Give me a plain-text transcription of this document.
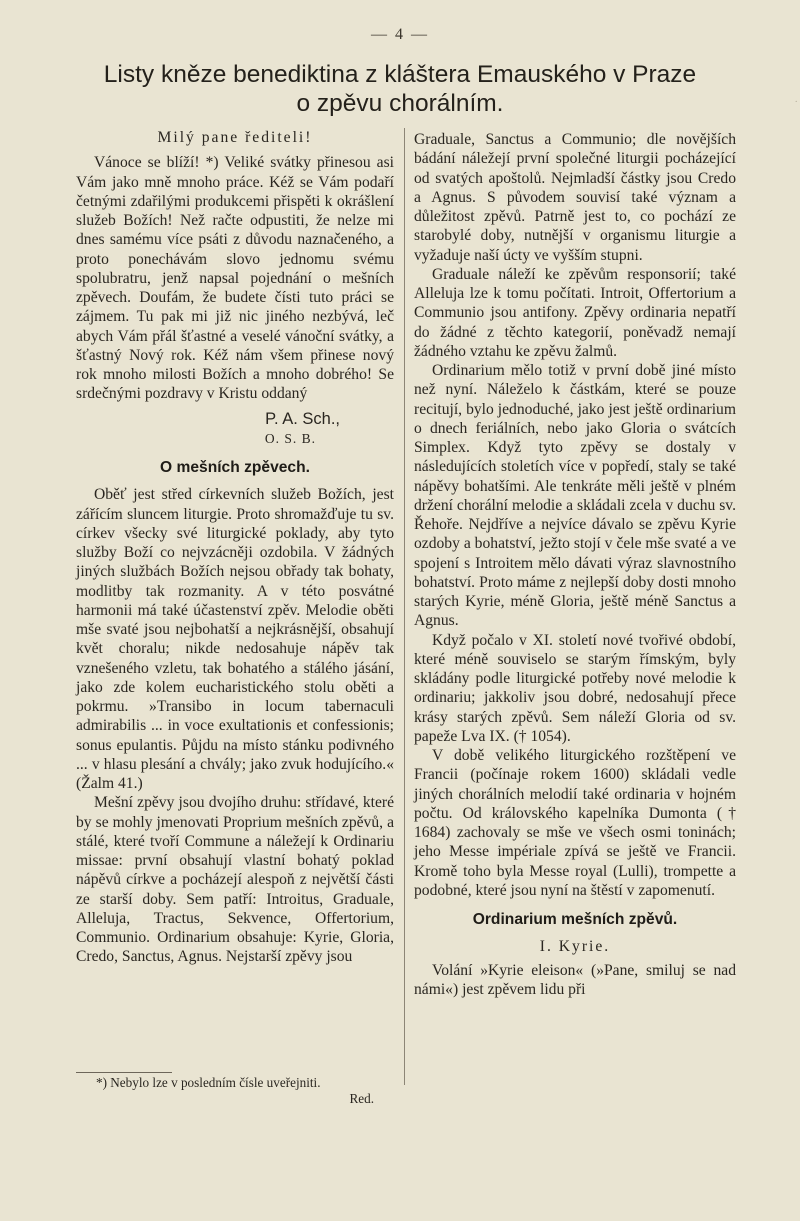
— 4 —
Listy kněze benediktina z kláštera Emauského v Praze
o zpěvu chorálním.	·

Milý pane řediteli!

Vánoce se blíží! *) Veliké svátky přinesou asi Vám jako mně mnoho práce. Kéž se Vám podaří četnými zdařilými produkcemi přispěti k okrášlení služeb Božích! Než račte odpustiti, že nelze mi dnes samému více psáti z důvodu naznačeného, a proto ponechávám slovo jednomu svému spolubratru, jenž napsal pojednání o mešních zpěvech. Doufám, že budete čísti tuto práci se zájmem. Tu pak mi již nic jiného nezbývá, leč abych Vám přál šťastné a veselé vánoční svátky, a šťastný Nový rok. Kéž nám všem přinese nový rok mnoho milosti Božích a mnoho dobrého! Se srdečnými pozdravy v Kristu oddaný

P. A. Sch.,

O. S. B.

O mešních zpěvech.

Oběť jest střed církevních služeb Božích, jest zářícím sluncem liturgie. Proto shromažďuje tu sv. církev všecky své liturgické poklady, aby tyto služby Boží co nejvzácněji ozdobila. V žádných jiných službách Božích nejsou obřady tak bohaty, modlitby tak rozmanity. A v této posvátné harmonii má také účastenství zpěv. Melodie oběti mše svaté jsou nejbohatší a nejkrásnější, obsahují květ choralu; nikde nedosahuje nápěv tak vznešeného vzletu, tak bohatého a stálého jásání, jako zde kolem eucharistického stolu oběti a pokrmu. »Transibo in locum tabernaculi admirabilis ... in voce exultationis et confessionis; sonus epulantis. Půjdu na místo stánku podivného ... v hlasu plesání a chvály; jako zvuk hodujícího.« (Žalm 41.)

Mešní zpěvy jsou dvojího druhu: střídavé, které by se mohly jmenovati Proprium mešních zpěvů, a stálé, které tvoří Commune a náležejí k Ordinariu missae: první obsahují vlastní bohatý poklad nápěvů církve a pocházejí alespoň z největší části ze starší doby. Sem patří: Introitus, Graduale, Alleluja, Tractus, Sekvence, Offertorium, Communio. Ordinarium obsahuje: Kyrie, Gloria, Credo, Sanctus, Agnus. Nejstarší zpěvy jsou

Graduale, Sanctus a Communio; dle novějších bádání náležejí první společné liturgii pocházející od svatých apoštolů. Nejmladší částky jsou Credo a Agnus. S původem souvisí také význam a důležitost zpěvů. Patrně jest to, co pochází ze starobylé doby, nutnější v organismu liturgie a vyžaduje naší úcty ve vyšším stupni.

Graduale náleží ke zpěvům responsorií; také Alleluja lze k tomu počítati. Introit, Offertorium a Communio jsou antifony. Zpěvy ordinaria nepatří do žádné z těchto kategorií, poněvadž nemají žádného vztahu ke zpěvu žalmů.

Ordinarium mělo totiž v první době jiné místo než nyní. Náleželo k částkám, které se pouze recitují, bylo jednoduché, jako jest ještě ordinarium o dnech feriálních, nebo jako Gloria o svátcích Simplex. Když tyto zpěvy se dostaly v následujících stoletích více v popředí, staly se také nápěvy bohatšími. Ale tenkráte měli ještě v plném držení chorální melodie a skládali zcela v duchu sv. Řehoře. Nejdříve a nejvíce dávalo se zpěvu Kyrie ozdoby a bohatství, ježto stojí v čele mše svaté a ve spojení s Introitem mělo dávati výraz slavnostního bohatství. Proto máme z nejlepší doby dosti mnoho starých Kyrie, méně Gloria, ještě méně Sanctus a Agnus.

Když počalo v XI. století nové tvořivé období, které méně souviselo se starým římským, byly skládány podle liturgické potřeby nové melodie k ordinariu; jakkoliv jsou dobré, nedosahují přece krásy starých zpěvů. Sem náleží Gloria od sv. papeže Lva IX. († 1054).

V době velikého liturgického rozštěpení ve Francii (počínaje rokem 1600) skládali vedle jiných chorálních melodií také ordinaria v hojném počtu. Od královského kapelníka Dumonta († 1684) zachovaly se mše ve všech osmi toninách; jeho Messe impériale zpívá se ještě ve Francii. Kromě toho byla Messe royal (Lulli), trompette a podobné, které jsou nyní na štěstí v zapomenutí.

Ordinarium mešních zpěvů.

I. Kyrie.

Volání »Kyrie eleison« (»Pane, smiluj se nad námi«) jest zpěvem lidu při

*) Nebylo lze v posledním čísle uveřejniti.
Red.
